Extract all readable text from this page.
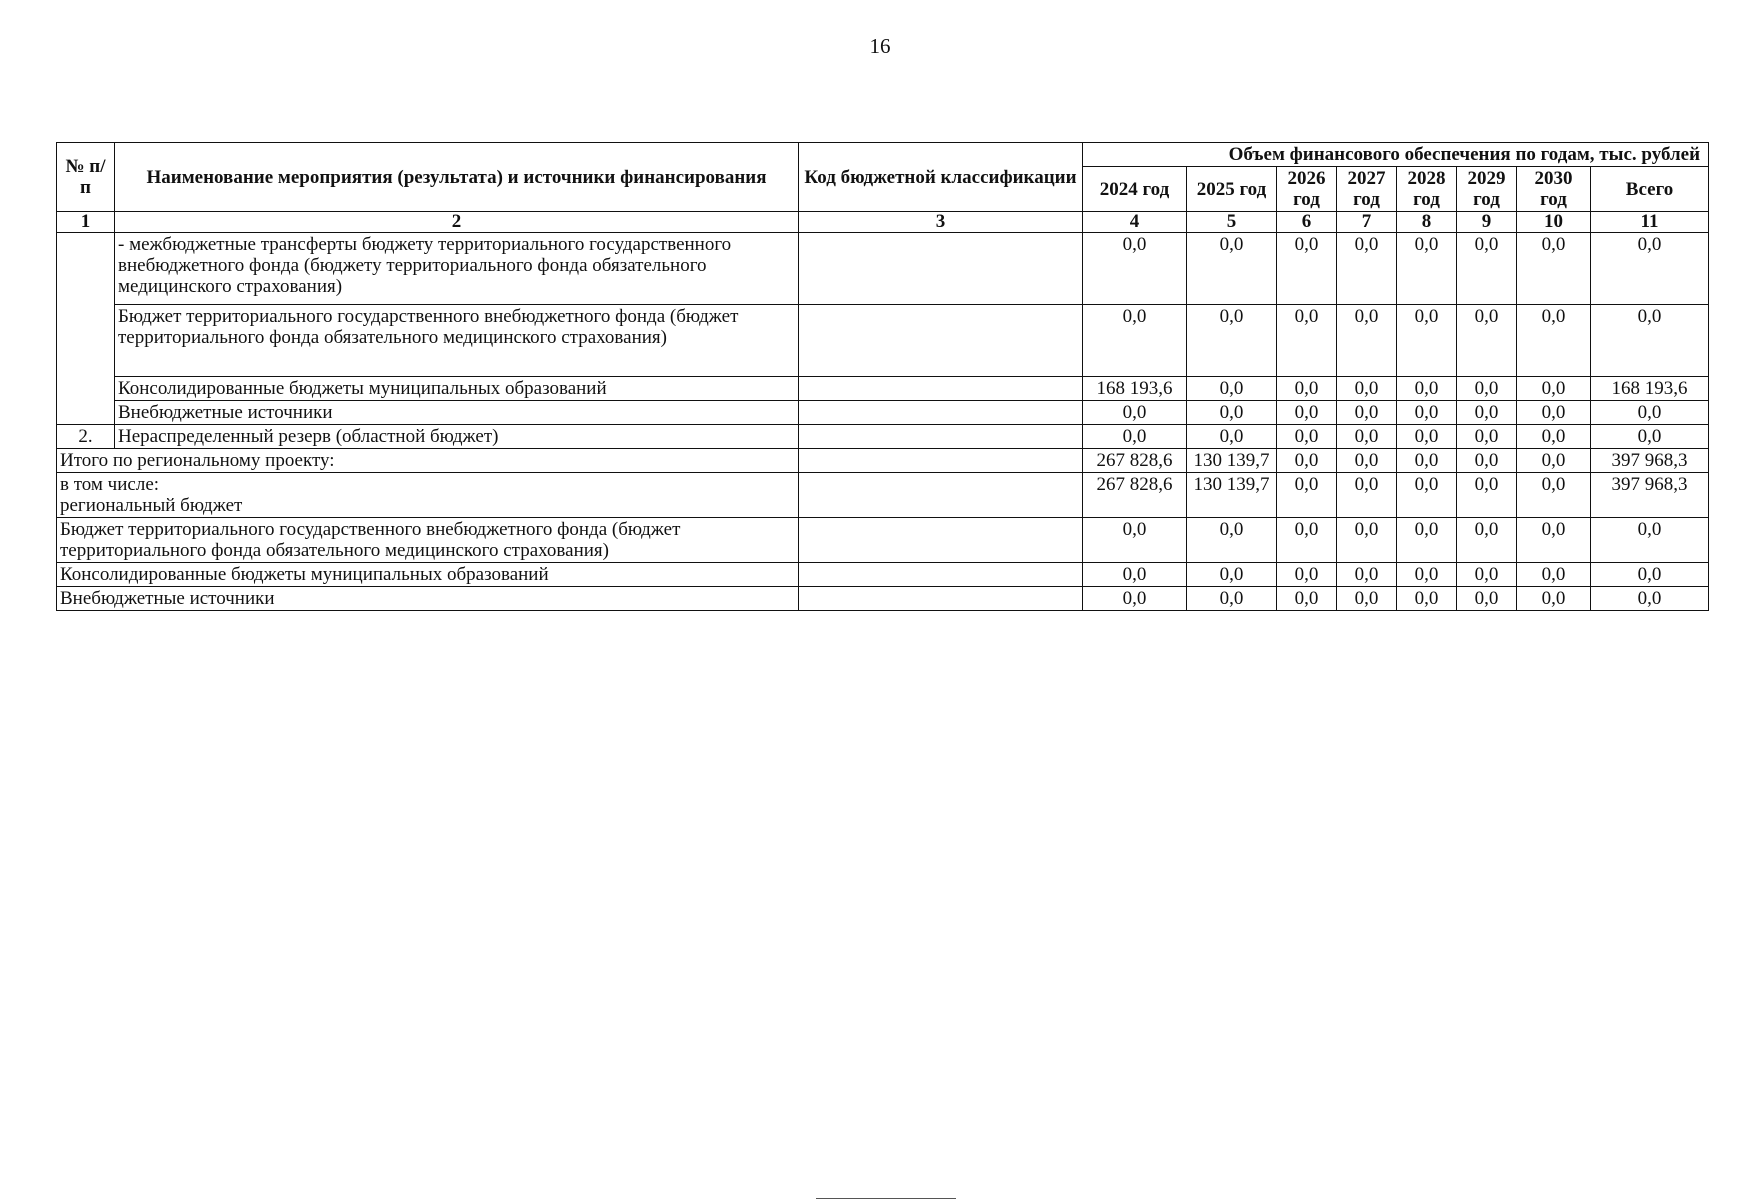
16
№ п/п	Наименование мероприятия (результата) и источники финансирования	Код бюджетной классификации	Объем финансового обеспечения по годам, тыс. рублей							
			2024 год	2025 год	2026 год	2027 год	2028 год	2029 год	2030 год	Всего
1	2	3	4	5	6	7	8	9	10	11
	- межбюджетные трансферты бюджету территориального государственного внебюджетного фонда (бюджету территориального фонда обязательного медицинского страхования)		0,0	0,0	0,0	0,0	0,0	0,0	0,0	0,0
	Бюджет территориального государственного внебюджетного фонда (бюджет территориального фонда обязательного медицинского страхования)		0,0	0,0	0,0	0,0	0,0	0,0	0,0	0,0
	Консолидированные бюджеты муниципальных образований		168 193,6	0,0	0,0	0,0	0,0	0,0	0,0	168 193,6
	Внебюджетные источники		0,0	0,0	0,0	0,0	0,0	0,0	0,0	0,0
2.	Нераспределенный резерв (областной бюджет)		0,0	0,0	0,0	0,0	0,0	0,0	0,0	0,0
Итого по региональному проекту:			267 828,6	130 139,7	0,0	0,0	0,0	0,0	0,0	397 968,3

в том числе:
региональный бюджет			267 828,6	130 139,7	0,0	0,0	0,0	0,0	0,0	397 968,3
Бюджет территориального государственного внебюджетного фонда (бюджет территориального фонда обязательного медицинского страхования)			0,0	0,0	0,0	0,0	0,0	0,0	0,0	0,0
Консолидированные бюджеты муниципальных образований			0,0	0,0	0,0	0,0	0,0	0,0	0,0	0,0
Внебюджетные источники			0,0	0,0	0,0	0,0	0,0	0,0	0,0	0,0
